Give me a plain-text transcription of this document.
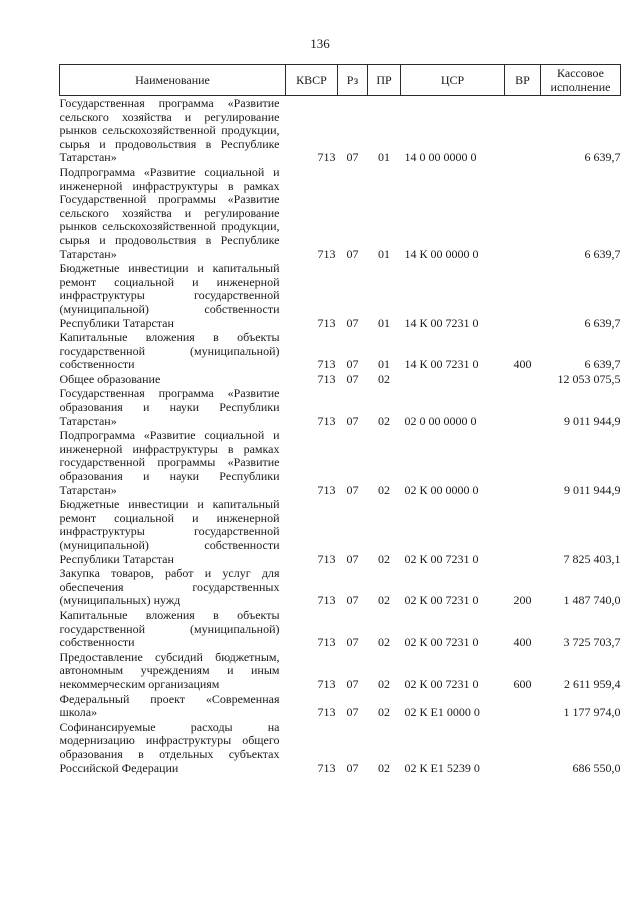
136
Наименование	КВСР	Рз	ПР	ЦСР	ВР	Кассовое исполнение
Государственная программа «Развитие сельского хозяйства и регулирование рынков сельскохозяйственной продукции, сырья и продовольствия в Республике Татарстан»	713	07	01	14 0 00 0000 0		6 639,7
Подпрограмма «Развитие социальной и инженерной инфраструктуры в рамках Государственной программы «Развитие сельского хозяйства и регулирование рынков сельскохозяйственной продукции, сырья и продовольствия в Республике Татарстан»	713	07	01	14 К 00 0000 0		6 639,7
Бюджетные инвестиции и капитальный ремонт социальной и инженерной инфраструктуры государственной (муниципальной) собственности Республики Татарстан	713	07	01	14 К 00 7231 0		6 639,7
Капитальные вложения в объекты государственной (муниципальной) собственности	713	07	01	14 К 00 7231 0	400	6 639,7
Общее образование	713	07	02			12 053 075,5
Государственная программа «Развитие образования и науки Республики Татарстан»	713	07	02	02 0 00 0000 0		9 011 944,9
Подпрограмма «Развитие социальной и инженерной инфраструктуры в рамках государственной программы «Развитие образования и науки Республики Татарстан»	713	07	02	02 К 00 0000 0		9 011 944,9
Бюджетные инвестиции и капитальный ремонт социальной и инженерной инфраструктуры государственной (муниципальной) собственности Республики Татарстан	713	07	02	02 К 00 7231 0		7 825 403,1
Закупка товаров, работ и услуг для обеспечения государственных (муниципальных) нужд	713	07	02	02 К 00 7231 0	200	1 487 740,0
Капитальные вложения в объекты государственной (муниципальной) собственности	713	07	02	02 К 00 7231 0	400	3 725 703,7
Предоставление субсидий бюджетным, автономным учреждениям и иным некоммерческим организациям	713	07	02	02 К 00 7231 0	600	2 611 959,4
Федеральный проект «Современная школа»	713	07	02	02 К Е1 0000 0		1 177 974,0
Софинансируемые расходы на модернизацию инфраструктуры общего образования в отдельных субъектах Российской Федерации	713	07	02	02 К Е1 5239 0		686 550,0
